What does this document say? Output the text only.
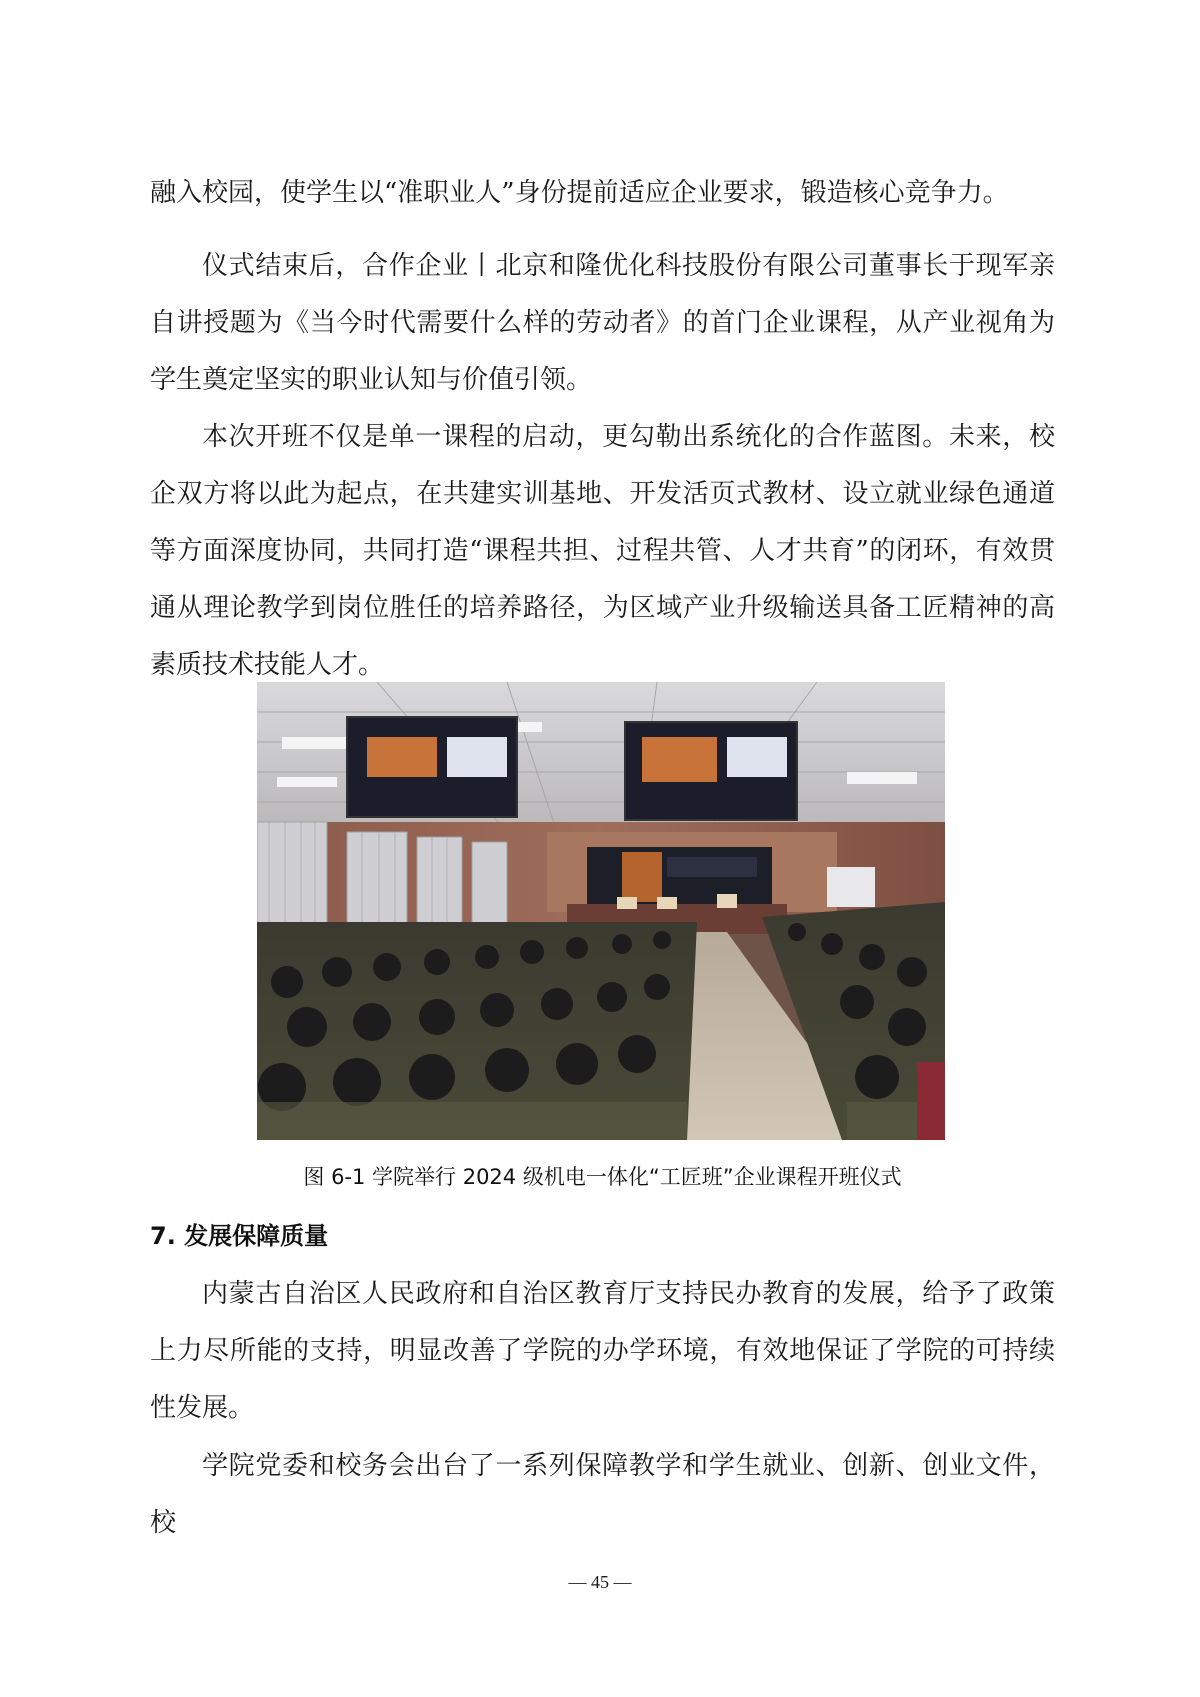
融入校园，使学生以“准职业人”身份提前适应企业要求，锻造核心竞争力。

仪式结束后，合作企业丨北京和隆优化科技股份有限公司董事长于现军亲自讲授题为《当今时代需要什么样的劳动者》的首门企业课程，从产业视角为学生奠定坚实的职业认知与价值引领。

本次开班不仅是单一课程的启动，更勾勒出系统化的合作蓝图。未来，校企双方将以此为起点，在共建实训基地、开发活页式教材、设立就业绿色通道等方面深度协同，共同打造“课程共担、过程共管、人才共育”的闭环，有效贯通从理论教学到岗位胜任的培养路径，为区域产业升级输送具备工匠精神的高素质技术技能人才。

图 6-1 学院举行 2024 级机电一体化“工匠班”企业课程开班仪式
7. 发展保障质量

内蒙古自治区人民政府和自治区教育厅支持民办教育的发展，给予了政策上力尽所能的支持，明显改善了学院的办学环境，有效地保证了学院的可持续性发展。

学院党委和校务会出台了一系列保障教学和学生就业、创新、创业文件，校

— 45 —
